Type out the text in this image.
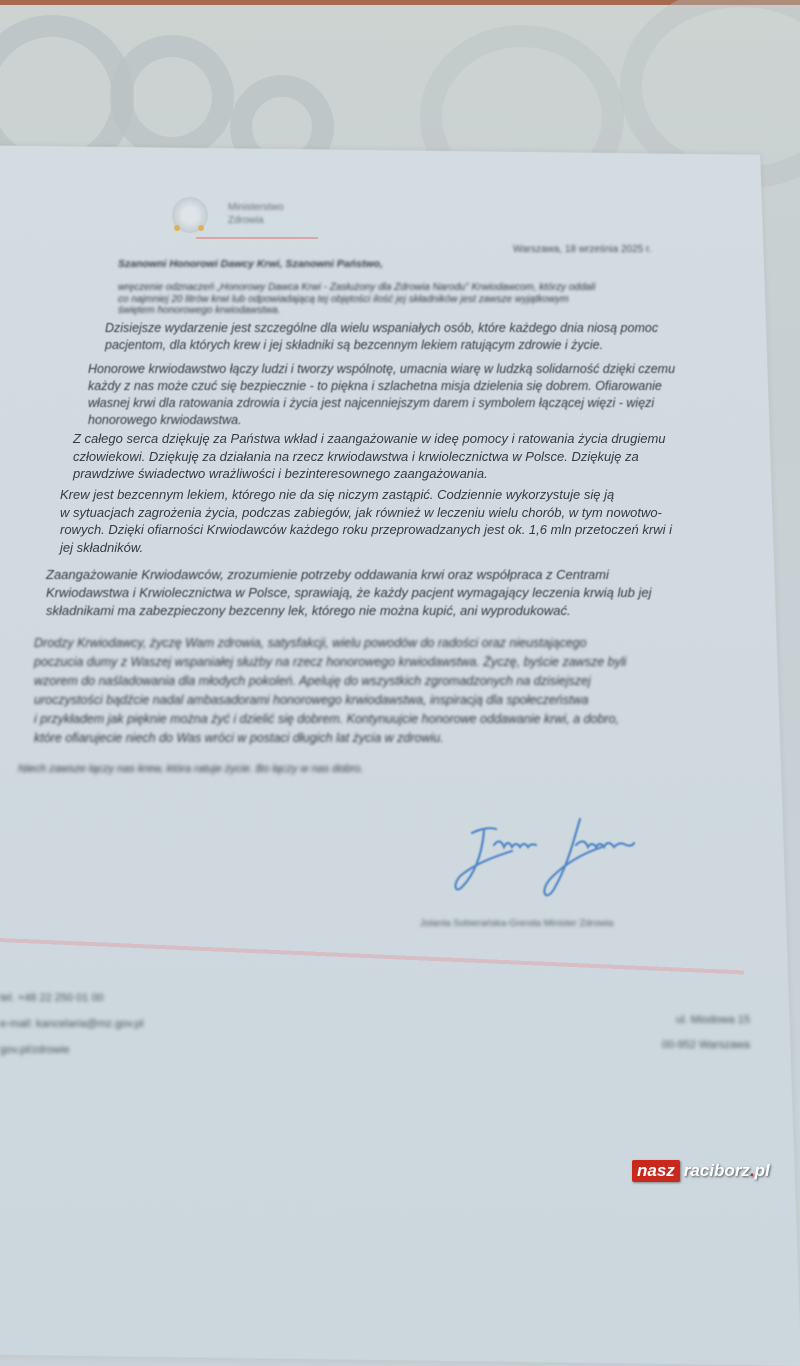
Ministerstwo
Zdrowia
Warszawa, 18 września 2025 r.
Szanowni Honorowi Dawcy Krwi, Szanowni Państwo,
wręczenie odznaczeń „Honorowy Dawca Krwi - Zasłużony dla Zdrowia Narodu” Krwiodawcom, którzy oddali
co najmniej 20 litrów krwi lub odpowiadającą tej objętości ilość jej składników jest zawsze wyjątkowym
świętem honorowego krwiodawstwa.
Dzisiejsze wydarzenie jest szczególne dla wielu wspaniałych osób, które każdego dnia niosą pomoc
pacjentom, dla których krew i jej składniki są bezcennym lekiem ratującym zdrowie i życie.
Honorowe krwiodawstwo łączy ludzi i tworzy wspólnotę, umacnia wiarę w ludzką solidarność dzięki czemu
każdy z nas może czuć się bezpiecznie - to piękna i szlachetna misja dzielenia się dobrem. Ofiarowanie
własnej krwi dla ratowania zdrowia i życia jest najcenniejszym darem i symbolem łączącej więzi - więzi
honorowego krwiodawstwa.
Z całego serca dziękuję za Państwa wkład i zaangażowanie w ideę pomocy i ratowania życia drugiemu
człowiekowi. Dziękuję za działania na rzecz krwiodawstwa i krwiolecznictwa w Polsce. Dziękuję za
prawdziwe świadectwo wrażliwości i bezinteresownego zaangażowania.
Krew jest bezcennym lekiem, którego nie da się niczym zastąpić. Codziennie wykorzystuje się ją
w sytuacjach zagrożenia życia, podczas zabiegów, jak również w leczeniu wielu chorób, w tym nowotwo-
rowych. Dzięki ofiarności Krwiodawców każdego roku przeprowadzanych jest ok. 1,6 mln przetoczeń krwi i
jej składników.
Zaangażowanie Krwiodawców, zrozumienie potrzeby oddawania krwi oraz współpraca z Centrami
Krwiodawstwa i Krwiolecznictwa w Polsce, sprawiają, że każdy pacjent wymagający leczenia krwią lub jej
składnikami ma zabezpieczony bezcenny lek, którego nie można kupić, ani wyprodukować.
Drodzy Krwiodawcy, życzę Wam zdrowia, satysfakcji, wielu powodów do radości oraz nieustającego
poczucia dumy z Waszej wspaniałej służby na rzecz honorowego krwiodawstwa. Życzę, byście zawsze byli
wzorem do naśladowania dla młodych pokoleń. Apeluję do wszystkich zgromadzonych na dzisiejszej
uroczystości bądźcie nadal ambasadorami honorowego krwiodawstwa, inspiracją dla społeczeństwa
i przykładem jak pięknie można żyć i dzielić się dobrem. Kontynuujcie honorowe oddawanie krwi, a dobro,
które ofiarujecie niech do Was wróci w postaci długich lat życia w zdrowiu.
Niech zawsze łączy nas krew, która ratuje życie. Bo łączy w nas dobro.
Jolanta Sobierańska-Grenda Minister Zdrowia
tel. +48 22 250 01 00
e-mail: kancelaria@mz.gov.pl
gov.pl/zdrowie
ul. Miodowa 15
00-952 Warszawa
nasz raciborz.pl
